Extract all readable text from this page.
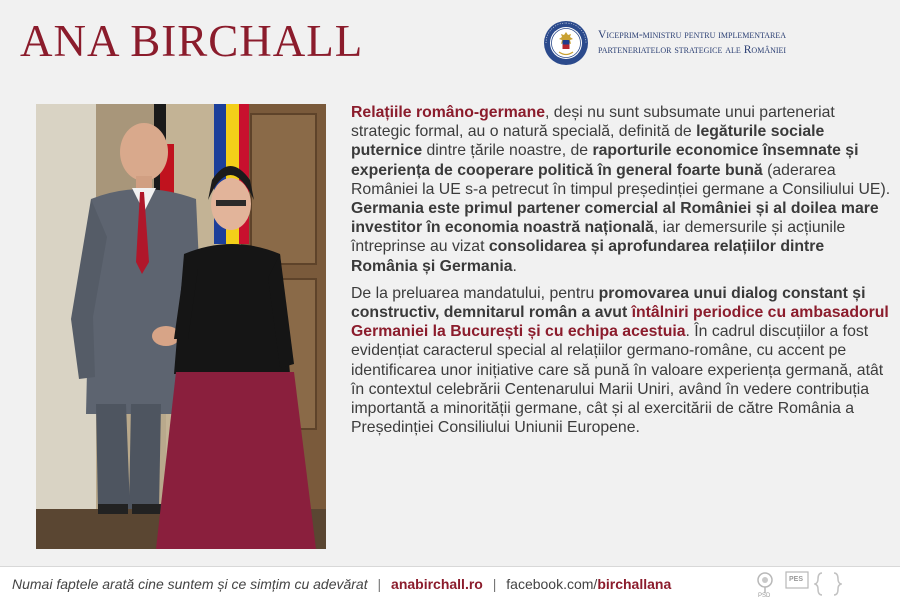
ANA BIRCHALL	Viceprim-ministru pentru implementarea
parteneriatelor strategice ale României

Relațiile româno-germane, deși nu sunt subsumate unui parteneriat strategic formal, au o natură specială, definită de legăturile sociale puternice dintre țările noastre, de raporturile economice însemnate și experiența de cooperare politică în general foarte bună (aderarea României la UE s-a petrecut în timpul președinției germane a Consiliului UE). Germania este primul partener comercial al României și al doilea mare investitor în economia noastră națională, iar demersurile și acțiunile întreprinse au vizat consolidarea și aprofundarea relațiilor dintre România și Germania.

De la preluarea mandatului, pentru promovarea unui dialog constant și constructiv, demnitarul român a avut întâlniri periodice cu ambasadorul Germaniei la București și cu echipa acestuia. În cadrul discuțiilor a fost evidențiat caracterul special al relațiilor germano-române, cu accent pe identificarea unor inițiative care să pună în valoare experiența germană, atât în contextul celebrării Centenarului Marii Uniri, având în vedere contribuția importantă a minorității germane, cât și al exercitării de către România a Președinției Consiliului Uniunii Europene.

Numai faptele arată cine suntem și ce simțim cu adevărat | anabirchall.ro | facebook.com/birchallana
PSD
PES
